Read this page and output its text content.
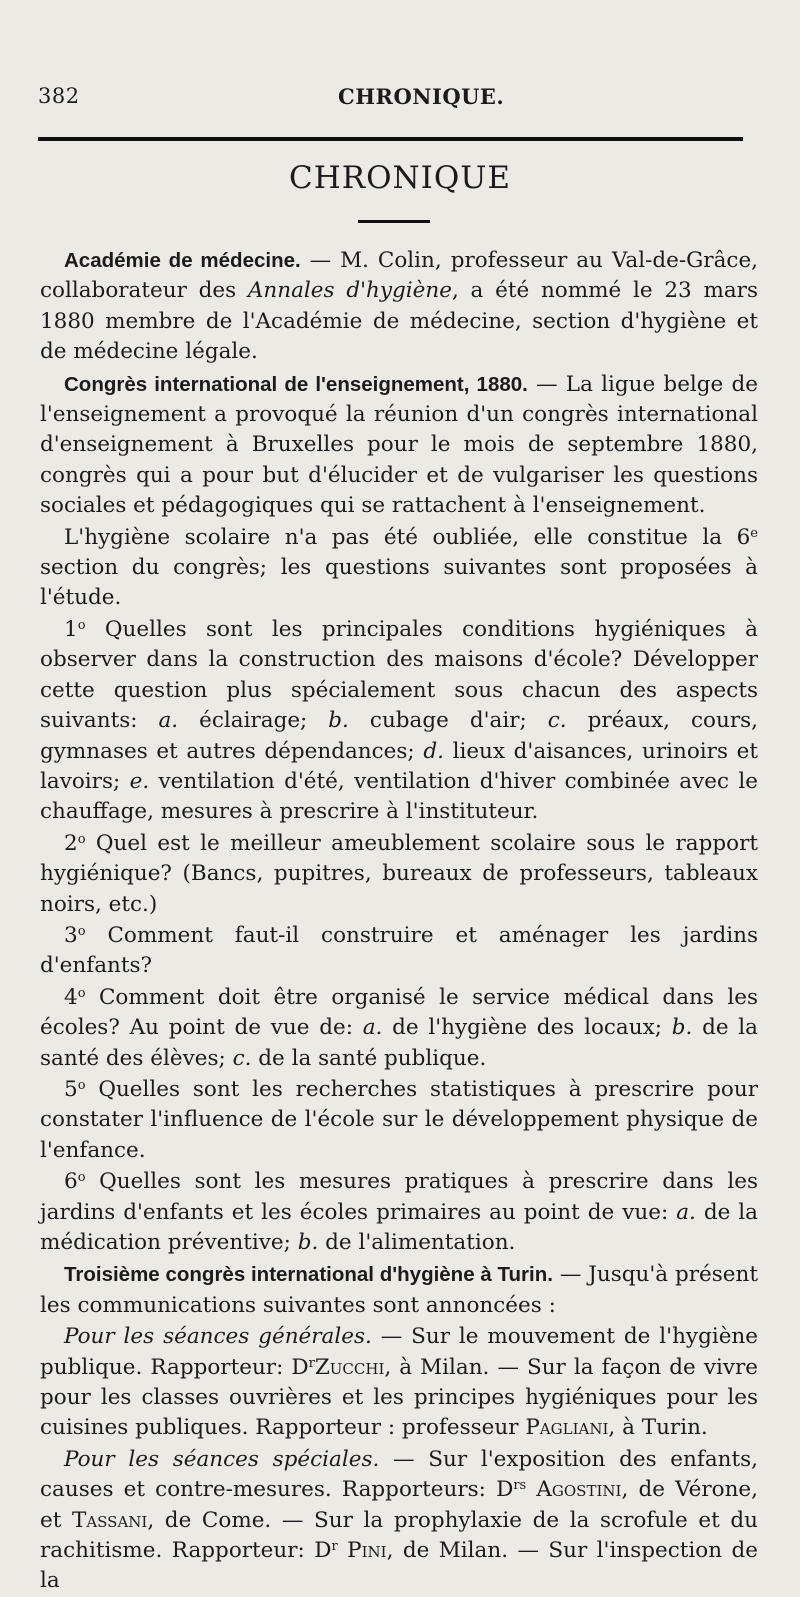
382	CHRONIQUE.
CHRONIQUE

Académie de médecine. — M. Colin, professeur au Val-de-Grâce, collaborateur des Annales d'hygiène, a été nommé le 23 mars 1880 membre de l'Académie de médecine, section d'hygiène et de médecine légale.

Congrès international de l'enseignement, 1880. — La ligue belge de l'enseignement a provoqué la réunion d'un congrès international d'enseignement à Bruxelles pour le mois de septembre 1880, congrès qui a pour but d'élucider et de vulgariser les questions sociales et pédagogiques qui se rattachent à l'enseignement.

L'hygiène scolaire n'a pas été oubliée, elle constitue la 6e section du congrès; les questions suivantes sont proposées à l'étude.

1$^o$ Quelles sont les principales conditions hygiéniques à observer dans la construction des maisons d'école? Développer cette question plus spécialement sous chacun des aspects suivants: a. éclairage; b. cubage d'air; c. préaux, cours, gymnases et autres dépendances; d. lieux d'aisances, urinoirs et lavoirs; e. ventilation d'été, ventilation d'hiver combinée avec le chauffage, mesures à prescrire à l'instituteur.

2$^o$ Quel est le meilleur ameublement scolaire sous le rapport hygiénique? (Bancs, pupitres, bureaux de professeurs, tableaux noirs, etc.)

3$^o$ Comment faut-il construire et aménager les jardins d'enfants?

4$^o$ Comment doit être organisé le service médical dans les écoles? Au point de vue de: a. de l'hygiène des locaux; b. de la santé des élèves; c. de la santé publique.

5$^o$ Quelles sont les recherches statistiques à prescrire pour constater l'influence de l'école sur le développement physique de l'enfance.

6$^o$ Quelles sont les mesures pratiques à prescrire dans les jardins d'enfants et les écoles primaires au point de vue: a. de la médication préventive; b. de l'alimentation.

Troisième congrès international d'hygiène à Turin. — Jusqu'à présent les communications suivantes sont annoncées :

Pour les séances générales. — Sur le mouvement de l'hygiène publique. Rapporteur: $D^rZucchi$, à Milan. — Sur la façon de vivre pour les classes ouvrières et les principes hygiéniques pour les cuisines publiques. Rapporteur : professeur Pagliani, à Turin.

Pour les séances spéciales. — Sur l'exposition des enfants, causes et contre-mesures. Rapporteurs: $D^{rs}$ Agostini, de Vérone, et Tassani, de Come. — Sur la prophylaxie de la scrofule et du rachitisme. Rapporteur: $D^r$ Pini, de Milan. — Sur l'inspection de la
